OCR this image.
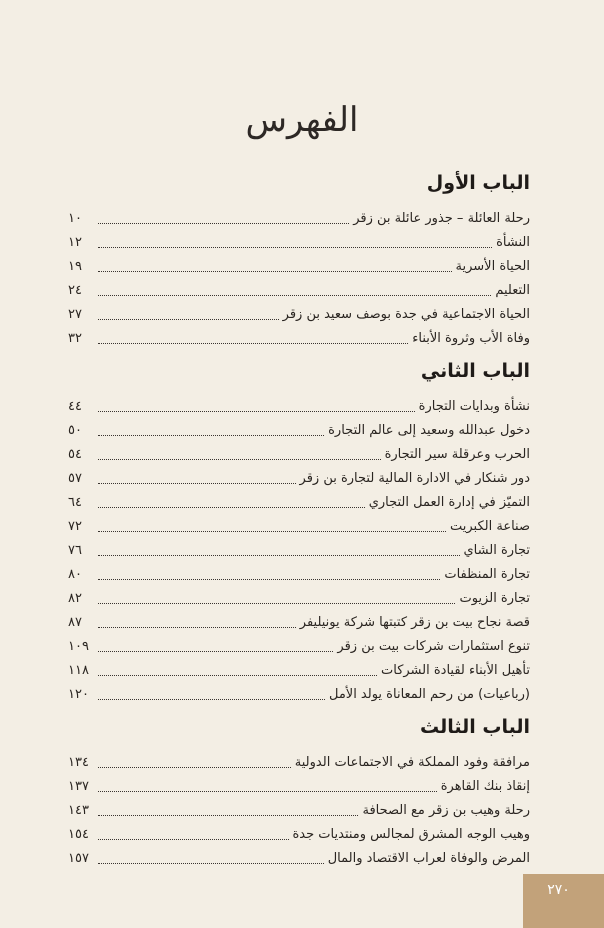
الفهرس
الباب الأول
رحلة العائلة – جذور عائلة بن زقر
١٠
النشأة
١٢
الحياة الأسرية
١٩
التعليم
٢٤
الحياة الاجتماعية في جدة بوصف سعيد بن زقر
٢٧
وفاة الأب وثروة الأبناء
٣٢
الباب الثاني
نشأة وبدايات التجارة
٤٤
دخول عبدالله وسعيد إلى عالم التجارة
٥٠
الحرب وعرقلة سير التجارة
٥٤
دور شنكار في الادارة المالية لتجارة بن زقر
٥٧
التميّز في إدارة العمل التجاري
٦٤
صناعة الكبريت
٧٢
تجارة الشاي
٧٦
تجارة المنظفات
٨٠
تجارة الزيوت
٨٢
قصة نجاح بيت بن زقر كتبتها شركة يونيليفر
٨٧
تنوع استثمارات شركات بيت بن زقر
١٠٩
تأهيل الأبناء لقيادة الشركات
١١٨
(رباعيات) من رحم المعاناة يولد الأمل
١٢٠
الباب الثالث
مرافقة وفود المملكة في الاجتماعات الدولية
١٣٤
إنقاذ بنك القاهرة
١٣٧
رحلة وهيب بن زقر مع الصحافة
١٤٣
وهيب الوجه المشرق لمجالس ومنتديات جدة
١٥٤
المرض والوفاة لعراب الاقتصاد والمال
١٥٧
٢٧٠
